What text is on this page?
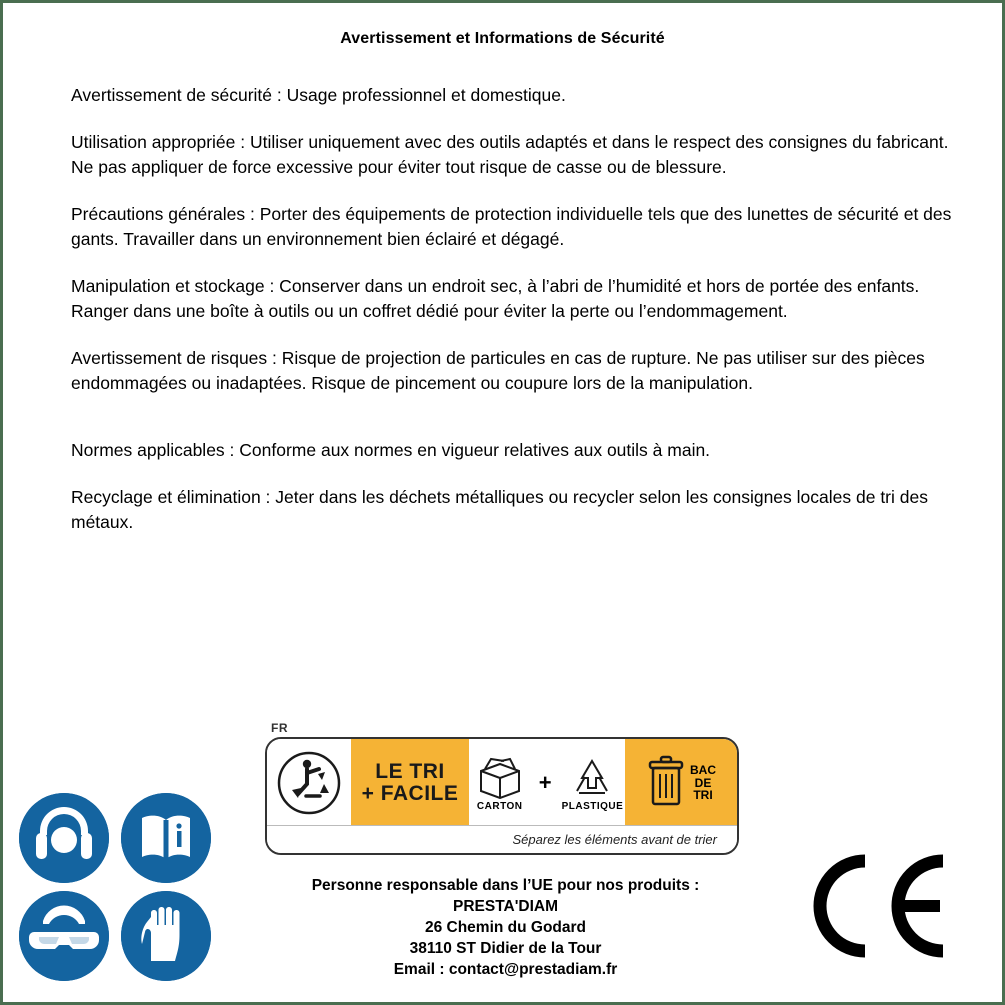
Avertissement et Informations de Sécurité
Avertissement de sécurité : Usage professionnel et domestique.
Utilisation appropriée : Utiliser uniquement avec des outils adaptés et dans le respect des consignes du fabricant. Ne pas appliquer de force excessive pour éviter tout risque de casse ou de blessure.
Précautions générales : Porter des équipements de protection individuelle tels que des lunettes de sécurité et des gants. Travailler dans un environnement bien éclairé et dégagé.
Manipulation et stockage : Conserver dans un endroit sec, à l’abri de l’humidité et hors de portée des enfants. Ranger dans une boîte à outils ou un coffret dédié pour éviter la perte ou l’endommagement.
Avertissement de risques : Risque de projection de particules en cas de rupture. Ne pas utiliser sur des pièces endommagées ou inadaptées. Risque de pincement ou coupure lors de la manipulation.
Normes applicables : Conforme aux normes en vigueur relatives aux outils à main.
Recyclage et élimination : Jeter dans les déchets métalliques ou recycler selon les consignes locales de tri des métaux.

FR
LE TRI
+ FACILE
CARTON
+
PLASTIQUE
BAC
DE
TRI
Séparez les éléments avant de trier
Personne responsable dans l’UE pour nos produits :
PRESTA'DIAM
26 Chemin du Godard
38110 ST Didier de la Tour
Email : contact@prestadiam.fr
